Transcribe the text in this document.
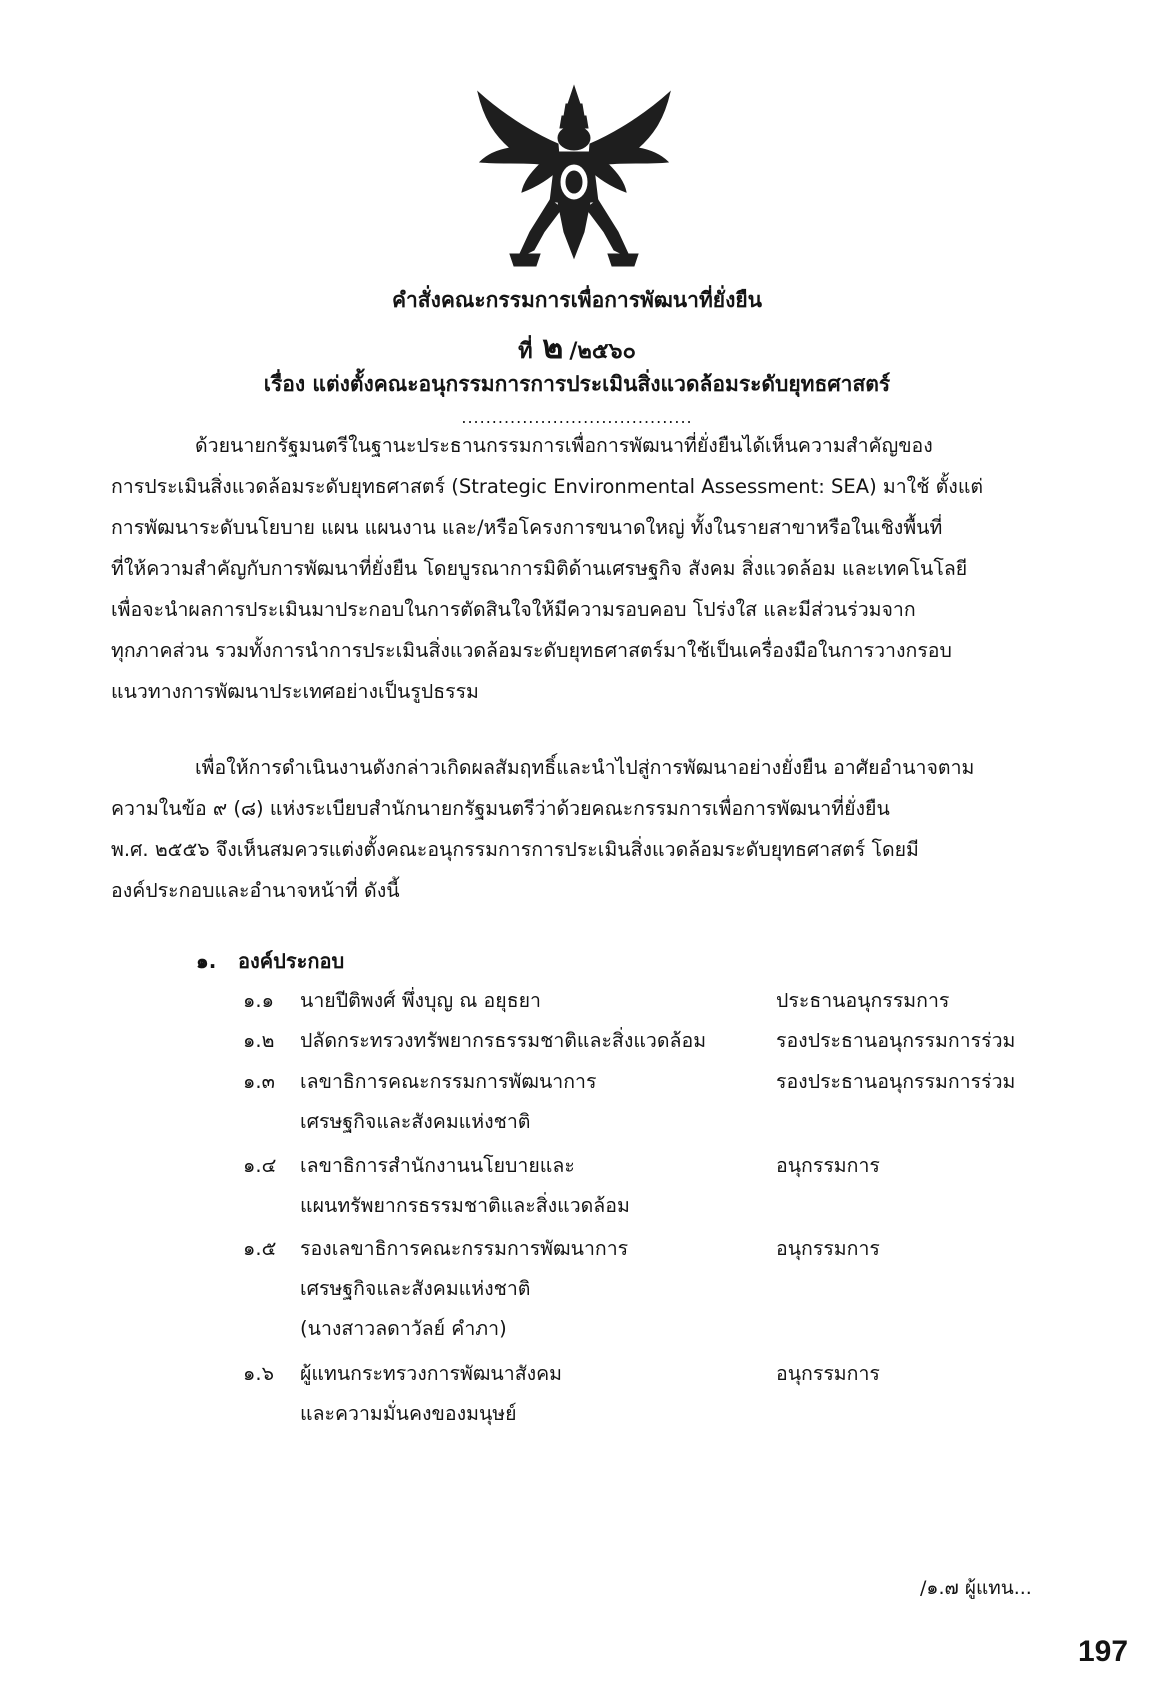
คำสั่งคณะกรรมการเพื่อการพัฒนาที่ยั่งยืน
ที่ ๒ /๒๕๖๐
เรื่อง แต่งตั้งคณะอนุกรรมการการประเมินสิ่งแวดล้อมระดับยุทธศาสตร์
......................................
ด้วยนายกรัฐมนตรีในฐานะประธานกรรมการเพื่อการพัฒนาที่ยั่งยืนได้เห็นความสำคัญของ
การประเมินสิ่งแวดล้อมระดับยุทธศาสตร์ (Strategic Environmental Assessment: SEA) มาใช้ ตั้งแต่
การพัฒนาระดับนโยบาย แผน แผนงาน และ/หรือโครงการขนาดใหญ่ ทั้งในรายสาขาหรือในเชิงพื้นที่
ที่ให้ความสำคัญกับการพัฒนาที่ยั่งยืน โดยบูรณาการมิติด้านเศรษฐกิจ สังคม สิ่งแวดล้อม และเทคโนโลยี
เพื่อจะนำผลการประเมินมาประกอบในการตัดสินใจให้มีความรอบคอบ โปร่งใส และมีส่วนร่วมจาก
ทุกภาคส่วน รวมทั้งการนำการประเมินสิ่งแวดล้อมระดับยุทธศาสตร์มาใช้เป็นเครื่องมือในการวางกรอบ
แนวทางการพัฒนาประเทศอย่างเป็นรูปธรรม
เพื่อให้การดำเนินงานดังกล่าวเกิดผลสัมฤทธิ์และนำไปสู่การพัฒนาอย่างยั่งยืน อาศัยอำนาจตาม
ความในข้อ ๙ (๘) แห่งระเบียบสำนักนายกรัฐมนตรีว่าด้วยคณะกรรมการเพื่อการพัฒนาที่ยั่งยืน
พ.ศ. ๒๕๕๖ จึงเห็นสมควรแต่งตั้งคณะอนุกรรมการการประเมินสิ่งแวดล้อมระดับยุทธศาสตร์ โดยมี
องค์ประกอบและอำนาจหน้าที่ ดังนี้
๑. องค์ประกอบ
๑.๑ นายปีติพงศ์ พึ่งบุญ ณ อยุธยา	ประธานอนุกรรมการ
๑.๒ ปลัดกระทรวงทรัพยากรธรรมชาติและสิ่งแวดล้อม	รองประธานอนุกรรมการร่วม
๑.๓ เลขาธิการคณะกรรมการพัฒนาการ
เศรษฐกิจและสังคมแห่งชาติ
รองประธานอนุกรรมการร่วม
๑.๔ เลขาธิการสำนักงานนโยบายและ
แผนทรัพยากรธรรมชาติและสิ่งแวดล้อม
อนุกรรมการ
๑.๕ รองเลขาธิการคณะกรรมการพัฒนาการ
เศรษฐกิจและสังคมแห่งชาติ
(นางสาวลดาวัลย์ คำภา)
อนุกรรมการ
๑.๖ ผู้แทนกระทรวงการพัฒนาสังคม
และความมั่นคงของมนุษย์
อนุกรรมการ
/๑.๗ ผู้แทน...
197
